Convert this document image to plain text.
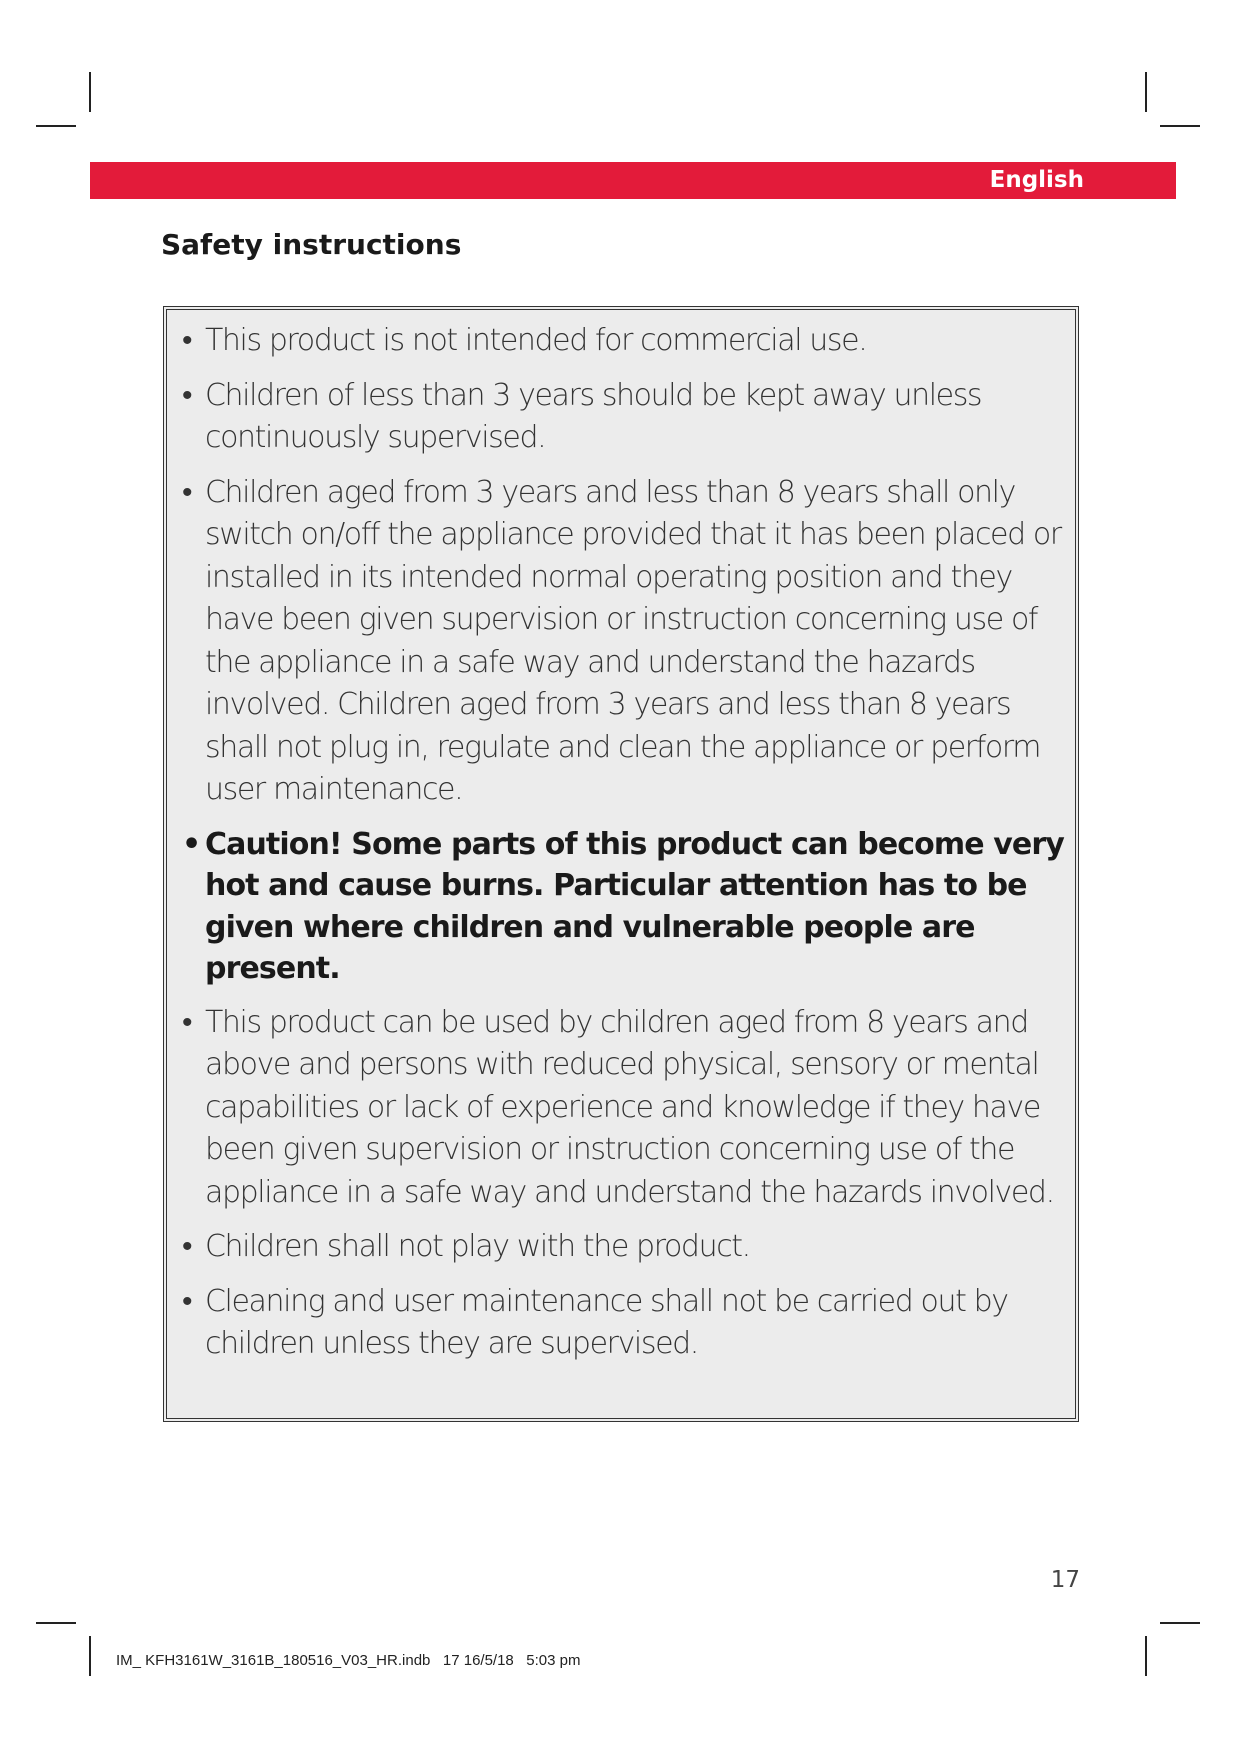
English
Safety instructions
• This product is not intended for commercial use.
• Children of less than 3 years should be kept away unless continuously supervised.
• Children aged from 3 years and less than 8 years shall only switch on/off the appliance provided that it has been placed or installed in its intended normal operating position and they have been given supervision or instruction concerning use of the appliance in a safe way and understand the hazards involved. Children aged from 3 years and less than 8 years shall not plug in, regulate and clean the appliance or perform user maintenance.
• Caution! Some parts of this product can become very hot and cause burns. Particular attention has to be given where children and vulnerable people are present.
• This product can be used by children aged from 8 years and above and persons with reduced physical, sensory or mental capabilities or lack of experience and knowledge if they have been given supervision or instruction concerning use of the appliance in a safe way and understand the hazards involved.
• Children shall not play with the product.
• Cleaning and user maintenance shall not be carried out by children unless they are supervised.
17
IM_ KFH3161W_3161B_180516_V03_HR.indb   17 16/5/18   5:03 pm
